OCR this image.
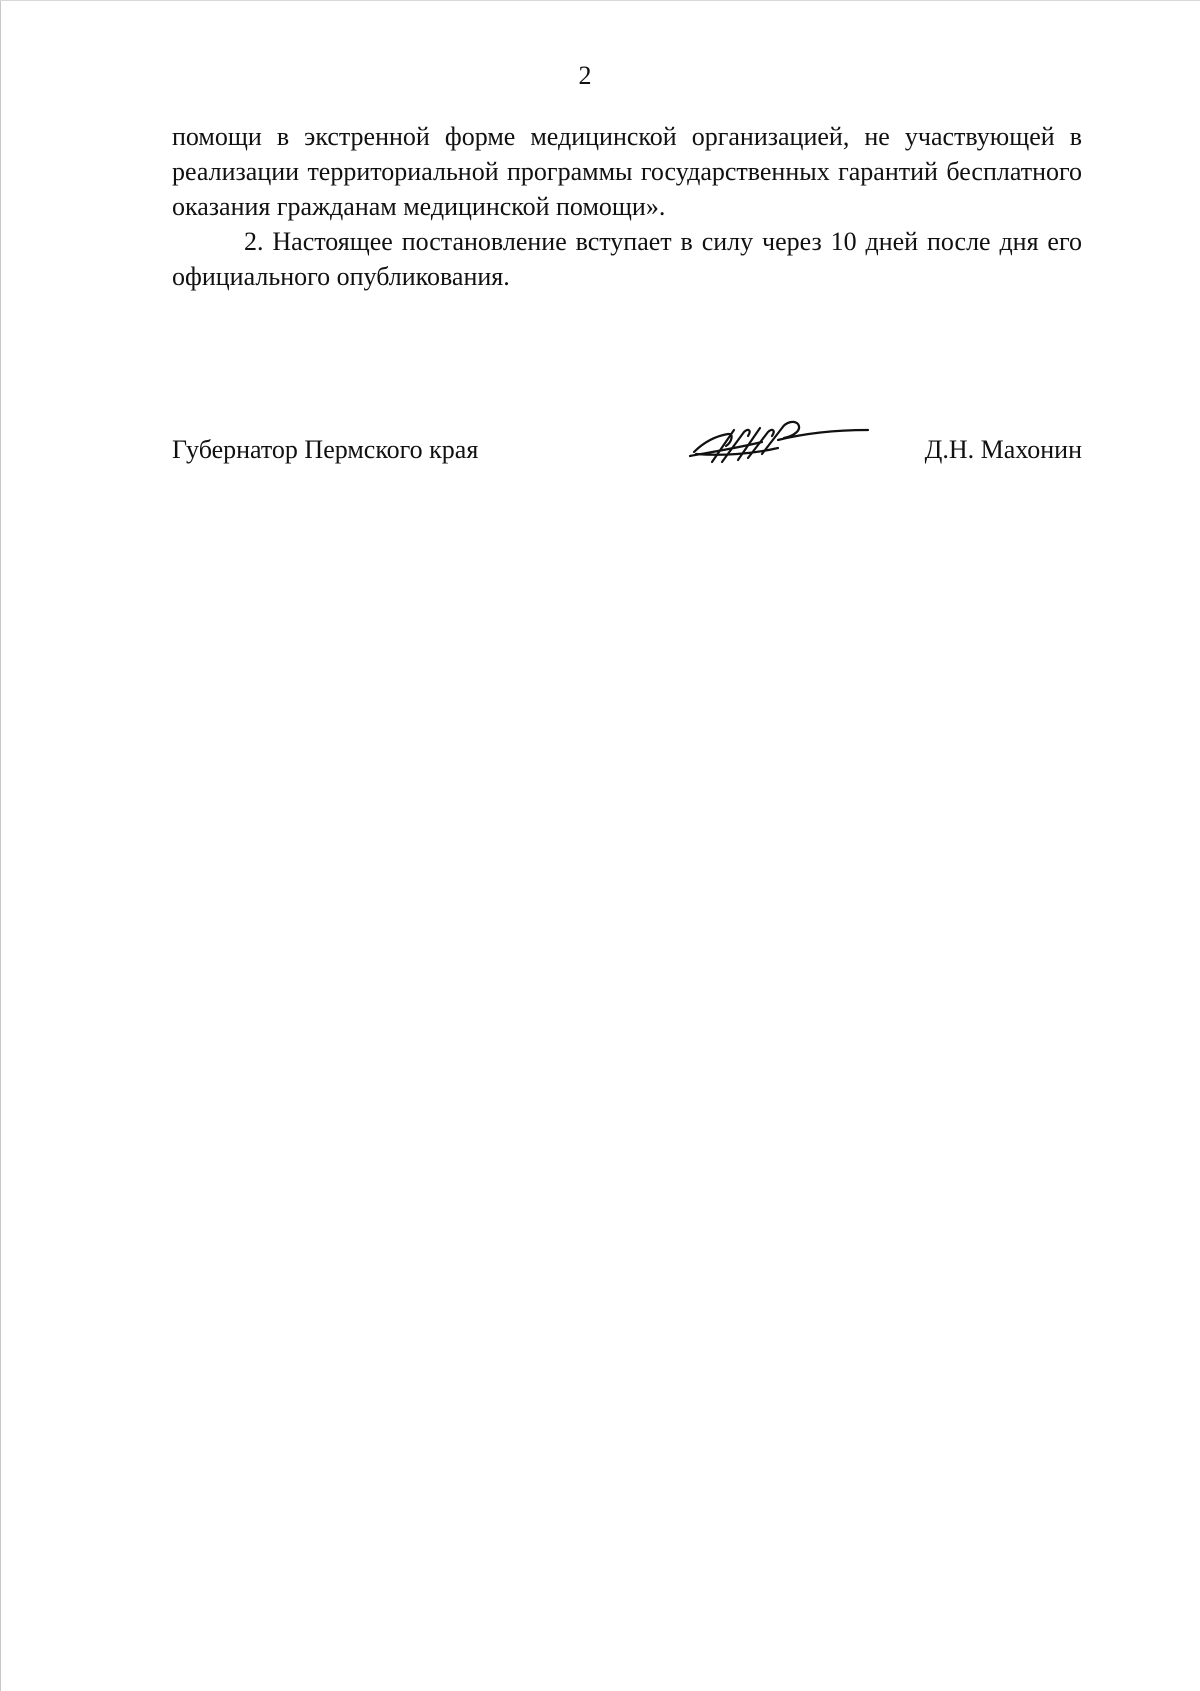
2

помощи в экстренной форме медицинской организацией, не участвующей в реализации территориальной программы государственных гарантий бесплатного оказания гражданам медицинской помощи».

2. Настоящее постановление вступает в силу через 10 дней после дня его официального опубликования.

Губернатор Пермского края	Д.Н. Махонин
